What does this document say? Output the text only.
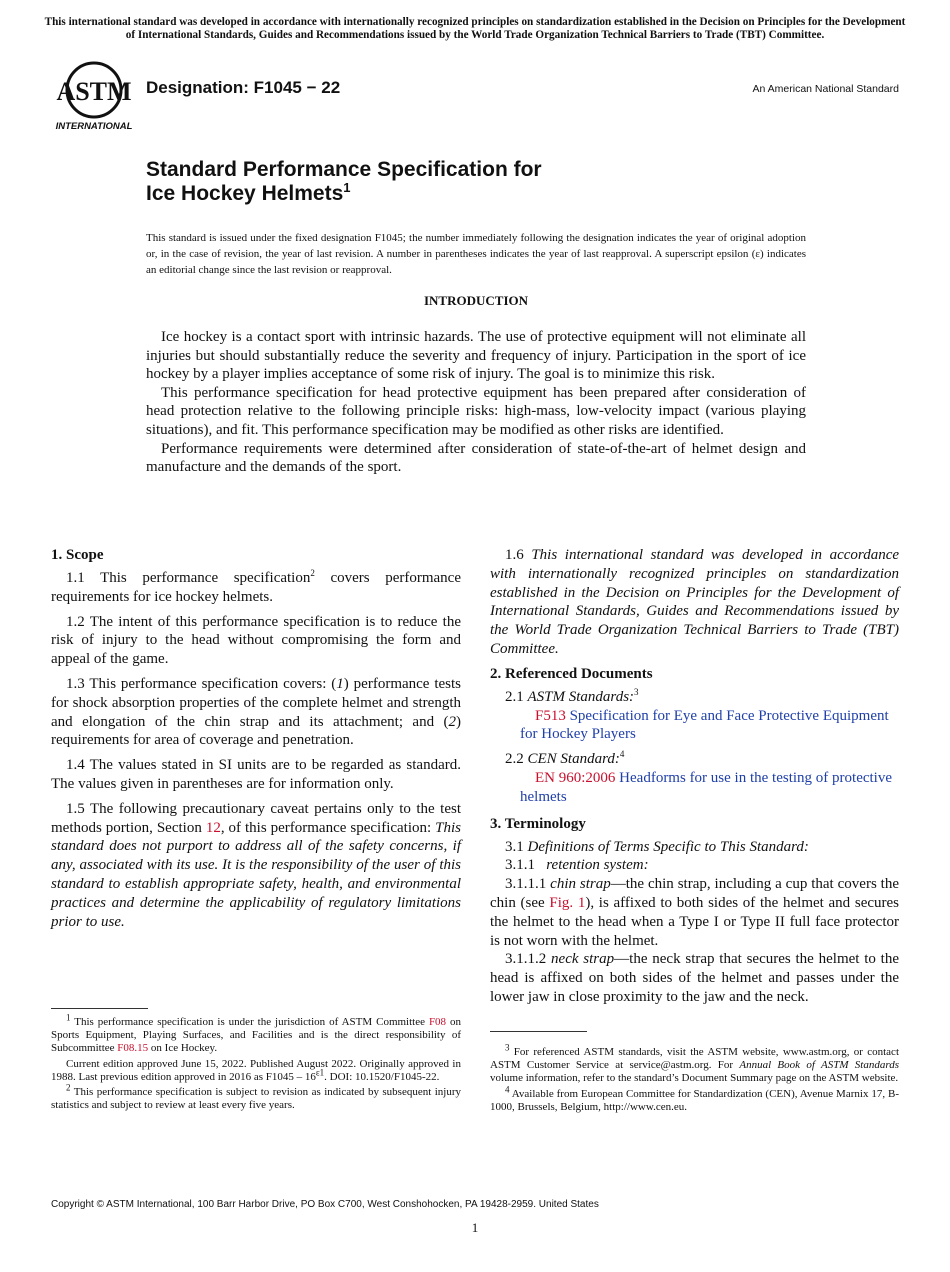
This international standard was developed in accordance with internationally recognized principles on standardization established in the Decision on Principles for the Development of International Standards, Guides and Recommendations issued by the World Trade Organization Technical Barriers to Trade (TBT) Committee.
ASTM
INTERNATIONAL
Designation: F1045 − 22	An American National Standard
Standard Performance Specification for
Ice Hockey Helmets$^1$
This standard is issued under the fixed designation F1045; the number immediately following the designation indicates the year of original adoption or, in the case of revision, the year of last revision. A number in parentheses indicates the year of last reapproval. A superscript epsilon (ε) indicates an editorial change since the last revision or reapproval.
INTRODUCTION

Ice hockey is a contact sport with intrinsic hazards. The use of protective equipment will not eliminate all injuries but should substantially reduce the severity and frequency of injury. Participation in the sport of ice hockey by a player implies acceptance of some risk of injury. The goal is to minimize this risk.

This performance specification for head protective equipment has been prepared after consideration of head protection relative to the following principle risks: high-mass, low-velocity impact (various playing situations), and fit. This performance specification may be modified as other risks are identified.

Performance requirements were determined after consideration of state-of-the-art of helmet design and manufacture and the demands of the sport.

1. Scope

1.1 This performance specification$^2$ covers performance requirements for ice hockey helmets.

1.2 The intent of this performance specification is to reduce the risk of injury to the head without compromising the form and appeal of the game.

1.3 This performance specification covers: (1) performance tests for shock absorption properties of the complete helmet and strength and elongation of the chin strap and its attachment; and (2) requirements for area of coverage and penetration.

1.4 The values stated in SI units are to be regarded as standard. The values given in parentheses are for information only.

1.5 The following precautionary caveat pertains only to the test methods portion, Section 12, of this performance specification: This standard does not purport to address all of the safety concerns, if any, associated with its use. It is the responsibility of the user of this standard to establish appropriate safety, health, and environmental practices and determine the applicability of regulatory limitations prior to use.

1.6 This international standard was developed in accordance with internationally recognized principles on standardization established in the Decision on Principles for the Development of International Standards, Guides and Recommendations issued by the World Trade Organization Technical Barriers to Trade (TBT) Committee.

2. Referenced Documents

2.1 ASTM Standards:$^3$

F513 Specification for Eye and Face Protective Equipment for Hockey Players

2.2 CEN Standard:$^4$

EN 960:2006 Headforms for use in the testing of protective helmets

3. Terminology

3.1 Definitions of Terms Specific to This Standard:

3.1.1   retention system:

3.1.1.1 chin strap—the chin strap, including a cup that covers the chin (see Fig. 1), is affixed to both sides of the helmet and secures the helmet to the head when a Type I or Type II full face protector is not worn with the helmet.

3.1.1.2 neck strap—the neck strap that secures the helmet to the head is affixed on both sides of the helmet and passes under the lower jaw in close proximity to the jaw and the neck.

$^1$ This performance specification is under the jurisdiction of ASTM Committee F08 on Sports Equipment, Playing Surfaces, and Facilities and is the direct responsibility of Subcommittee F08.15 on Ice Hockey.

Current edition approved June 15, 2022. Published August 2022. Originally approved in 1988. Last previous edition approved in 2016 as $F1045 - 16^{\varepsilon 1}$. DOI: 10.1520/F1045-22.

$^2$ This performance specification is subject to revision as indicated by subsequent injury statistics and subject to review at least every five years.

$^3$ For referenced ASTM standards, visit the ASTM website, www.astm.org, or contact ASTM Customer Service at service@astm.org. For Annual Book of ASTM Standards volume information, refer to the standard’s Document Summary page on the ASTM website.

$^4$ Available from European Committee for Standardization (CEN), Avenue Marnix 17, B-1000, Brussels, Belgium, http://www.cen.eu.

Copyright © ASTM International, 100 Barr Harbor Drive, PO Box C700, West Conshohocken, PA 19428-2959. United States
1
